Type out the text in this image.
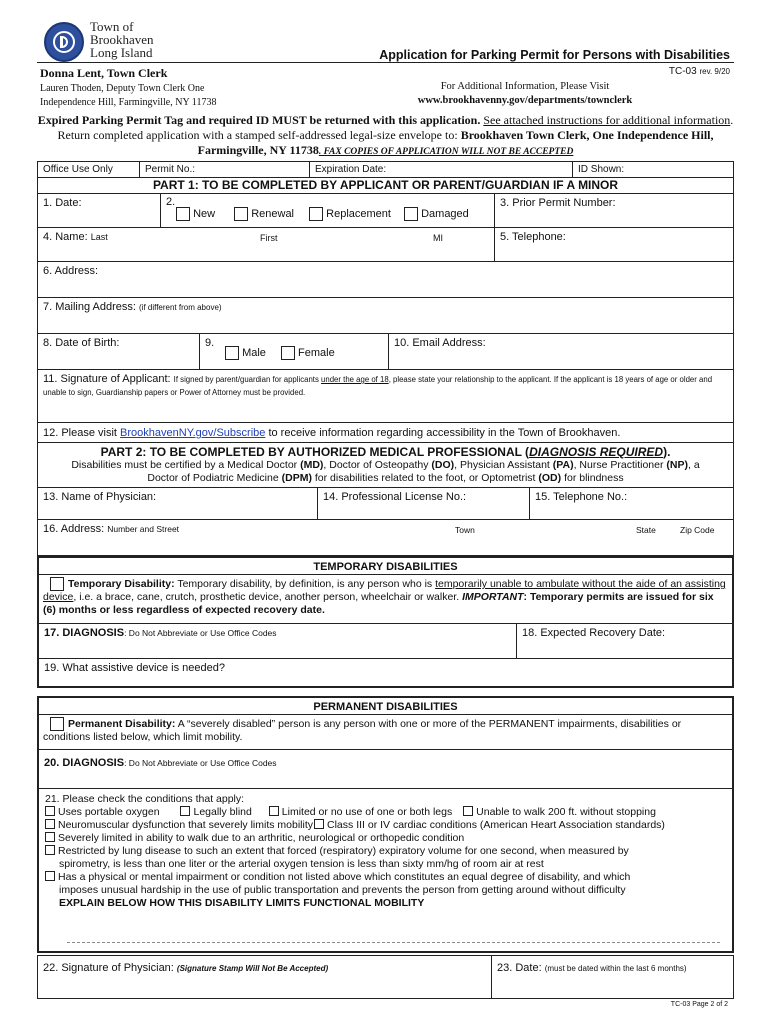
Town of
Brookhaven
Long Island	Application for Parking Permit for Persons with Disabilities
Donna Lent, Town Clerk	TC-03 rev. 9/20
Lauren Thoden, Deputy Town Clerk One
Independence Hill, Farmingville, NY 11738
For Additional Information, Please Visit
www.brookhavenny.gov/departments/townclerk
Expired Parking Permit Tag and required ID MUST be returned with this application. See attached instructions for additional information. Return completed application with a stamped self-addressed legal-size envelope to: Brookhaven Town Clerk, One Independence Hill, Farmingville, NY 11738. FAX COPIES OF APPLICATION WILL NOT BE ACCEPTED
Office Use Only	Permit No.:	Expiration Date:	ID Shown:
PART 1: TO BE COMPLETED BY APPLICANT OR PARENT/GUARDIAN IF A MINOR
1. Date:	2.
New	Renewal	Replacement	Damaged
3. Prior Permit Number:
4. Name: Last	First	MI	5. Telephone:
6. Address:
7. Mailing Address: (if different from above)
8. Date of Birth:	9.
Male	Female
10. Email Address:
11. Signature of Applicant: If signed by parent/guardian for applicants under the age of 18, please state your relationship to the applicant. If the applicant is 18 years of age or older and unable to sign, Guardianship papers or Power of Attorney must be provided.
12. Please visit BrookhavenNY.gov/Subscribe to receive information regarding accessibility in the Town of Brookhaven.
PART 2: TO BE COMPLETED BY AUTHORIZED MEDICAL PROFESSIONAL (DIAGNOSIS REQUIRED).
Disabilities must be certified by a Medical Doctor (MD), Doctor of Osteopathy (DO), Physician Assistant (PA), Nurse Practitioner (NP), a
Doctor of Podiatric Medicine (DPM) for disabilities related to the foot, or Optometrist (OD) for blindness
13. Name of Physician:	14. Professional License No.:	15. Telephone No.:
16. Address: Number and Street	Town	State	Zip Code
TEMPORARY DISABILITIES
Temporary Disability: Temporary disability, by definition, is any person who is temporarily unable to ambulate without the aide of an assisting device, i.e. a brace, cane, crutch, prosthetic device, another person, wheelchair or walker. IMPORTANT: Temporary permits are issued for six (6) months or less regardless of expected recovery date.
17. DIAGNOSIS: Do Not Abbreviate or Use Office Codes	18. Expected Recovery Date:
19. What assistive device is needed?
PERMANENT DISABILITIES
Permanent Disability: A “severely disabled” person is any person with one or more of the PERMANENT impairments, disabilities or conditions listed below, which limit mobility.
20. DIAGNOSIS: Do Not Abbreviate or Use Office Codes
21. Please check the conditions that apply:
Uses portable oxygen	Legally blind	Limited or no use of one or both legs Unable to walk 200 ft. without stopping
Neuromuscular dysfunction that severely limits mobility Class III or IV cardiac conditions (American Heart Association standards)
Severely limited in ability to walk due to an arthritic, neurological or orthopedic condition
Restricted by lung disease to such an extent that forced (respiratory) expiratory volume for one second, when measured by
spirometry, is less than one liter or the arterial oxygen tension is less than sixty mm/hg of room air at rest
Has a physical or mental impairment or condition not listed above which constitutes an equal degree of disability, and which
imposes unusual hardship in the use of public transportation and prevents the person from getting around without difficulty
EXPLAIN BELOW HOW THIS DISABILITY LIMITS FUNCTIONAL MOBILITY
22. Signature of Physician: (Signature Stamp Will Not Be Accepted)	23. Date: (must be dated within the last 6 months)
TC-03 Page 2 of 2
